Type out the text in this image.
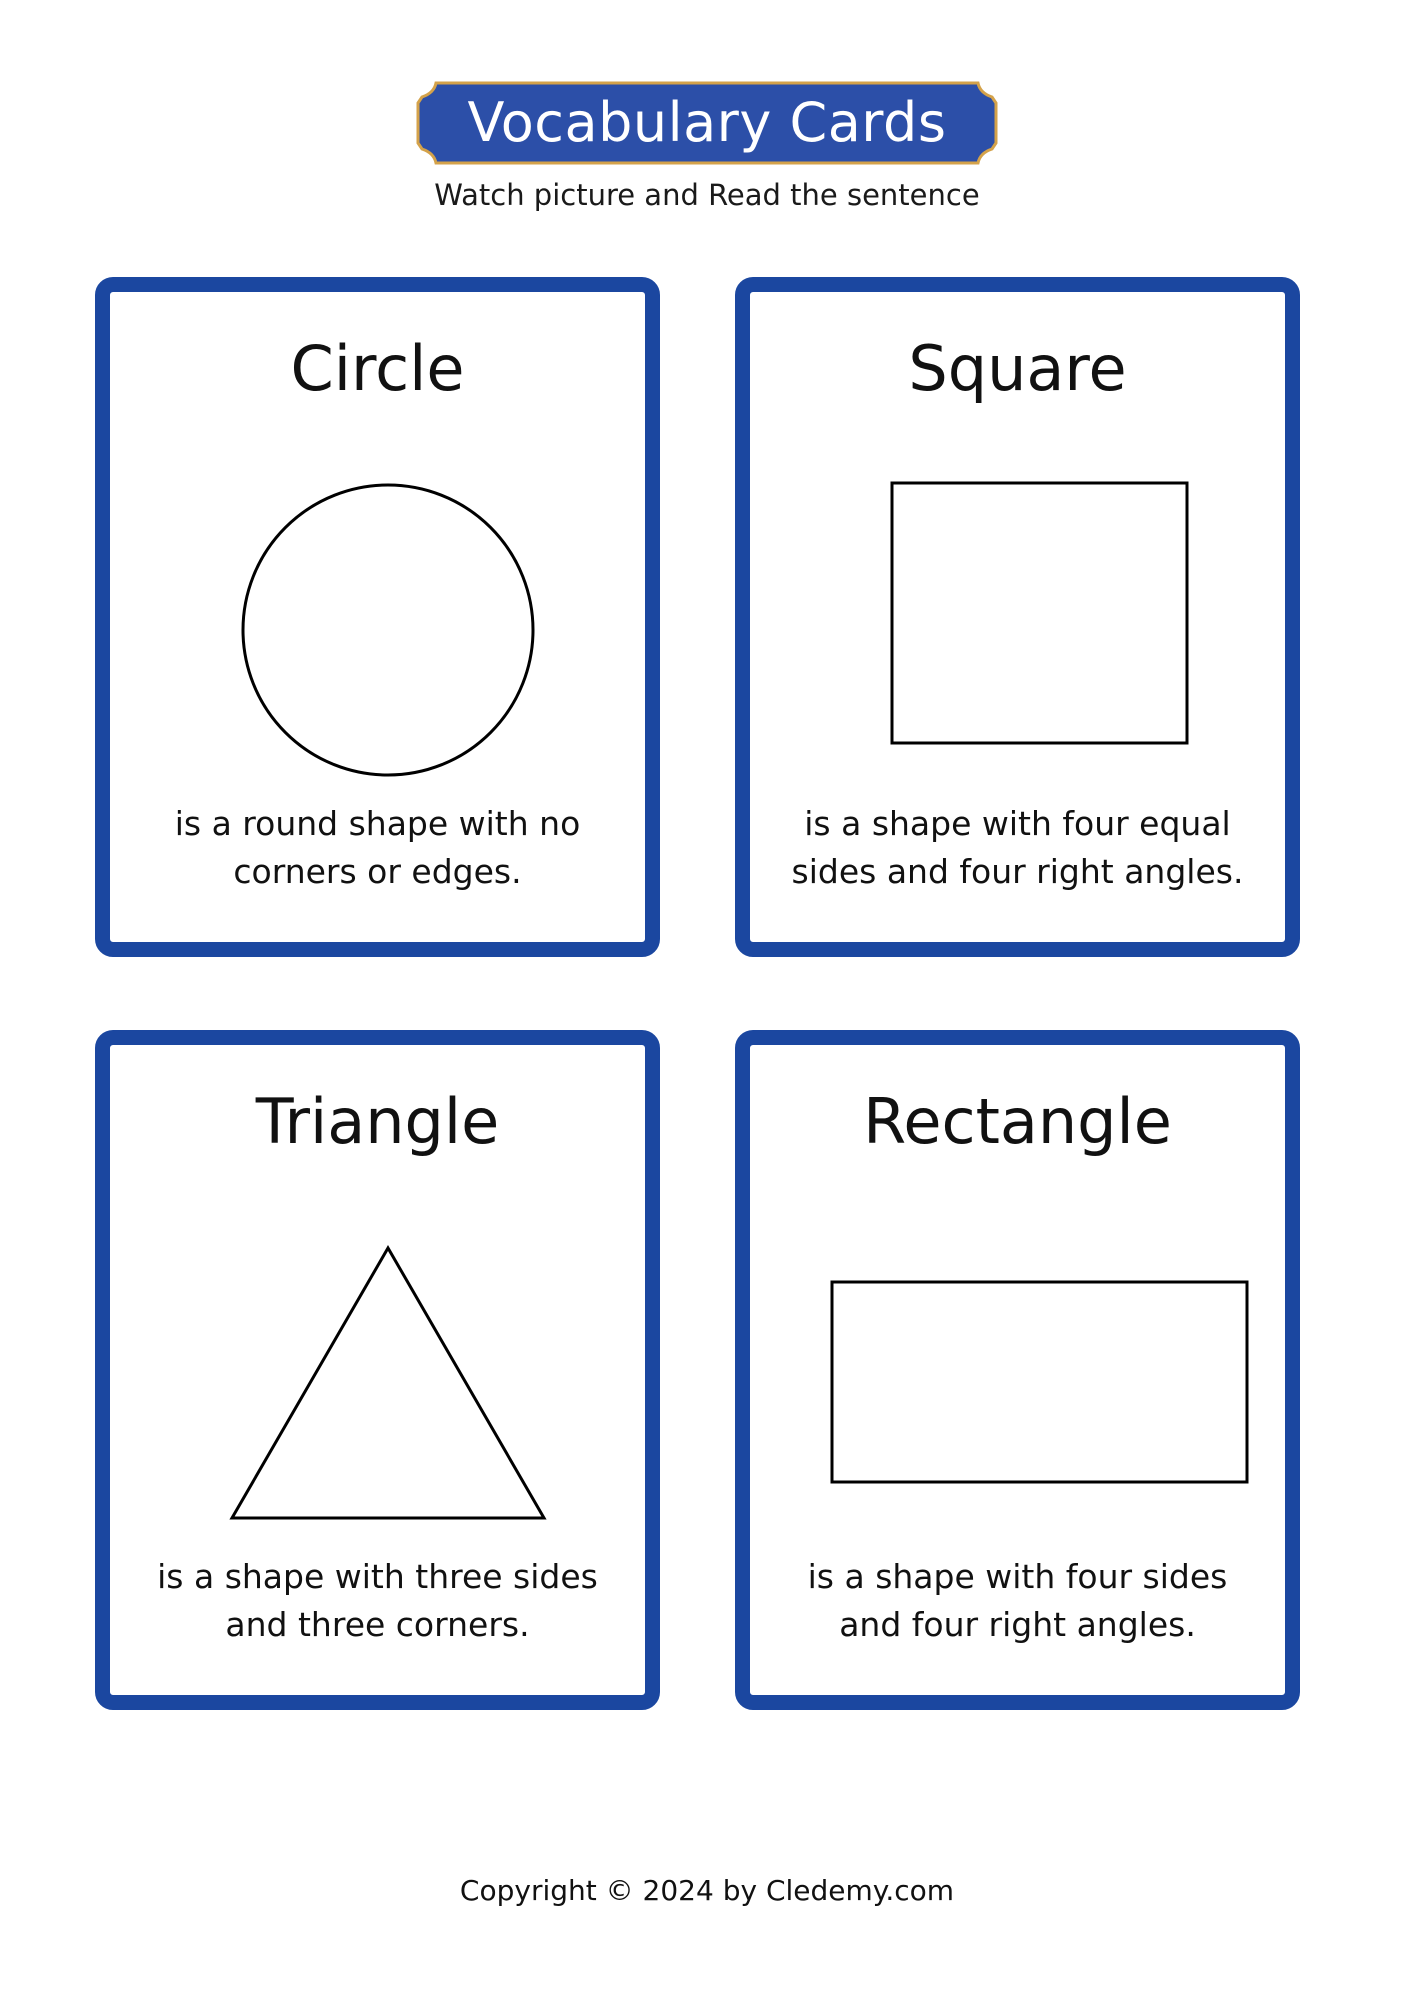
Vocabulary Cards
Watch picture and Read the sentence
Circle
is a round shape with no corners or edges.
Square
is a shape with four equal sides and four right angles.
Triangle
is a shape with three sides and three corners.
Rectangle
is a shape with four sides and four right angles.
Copyright © 2024 by Cledemy.com
